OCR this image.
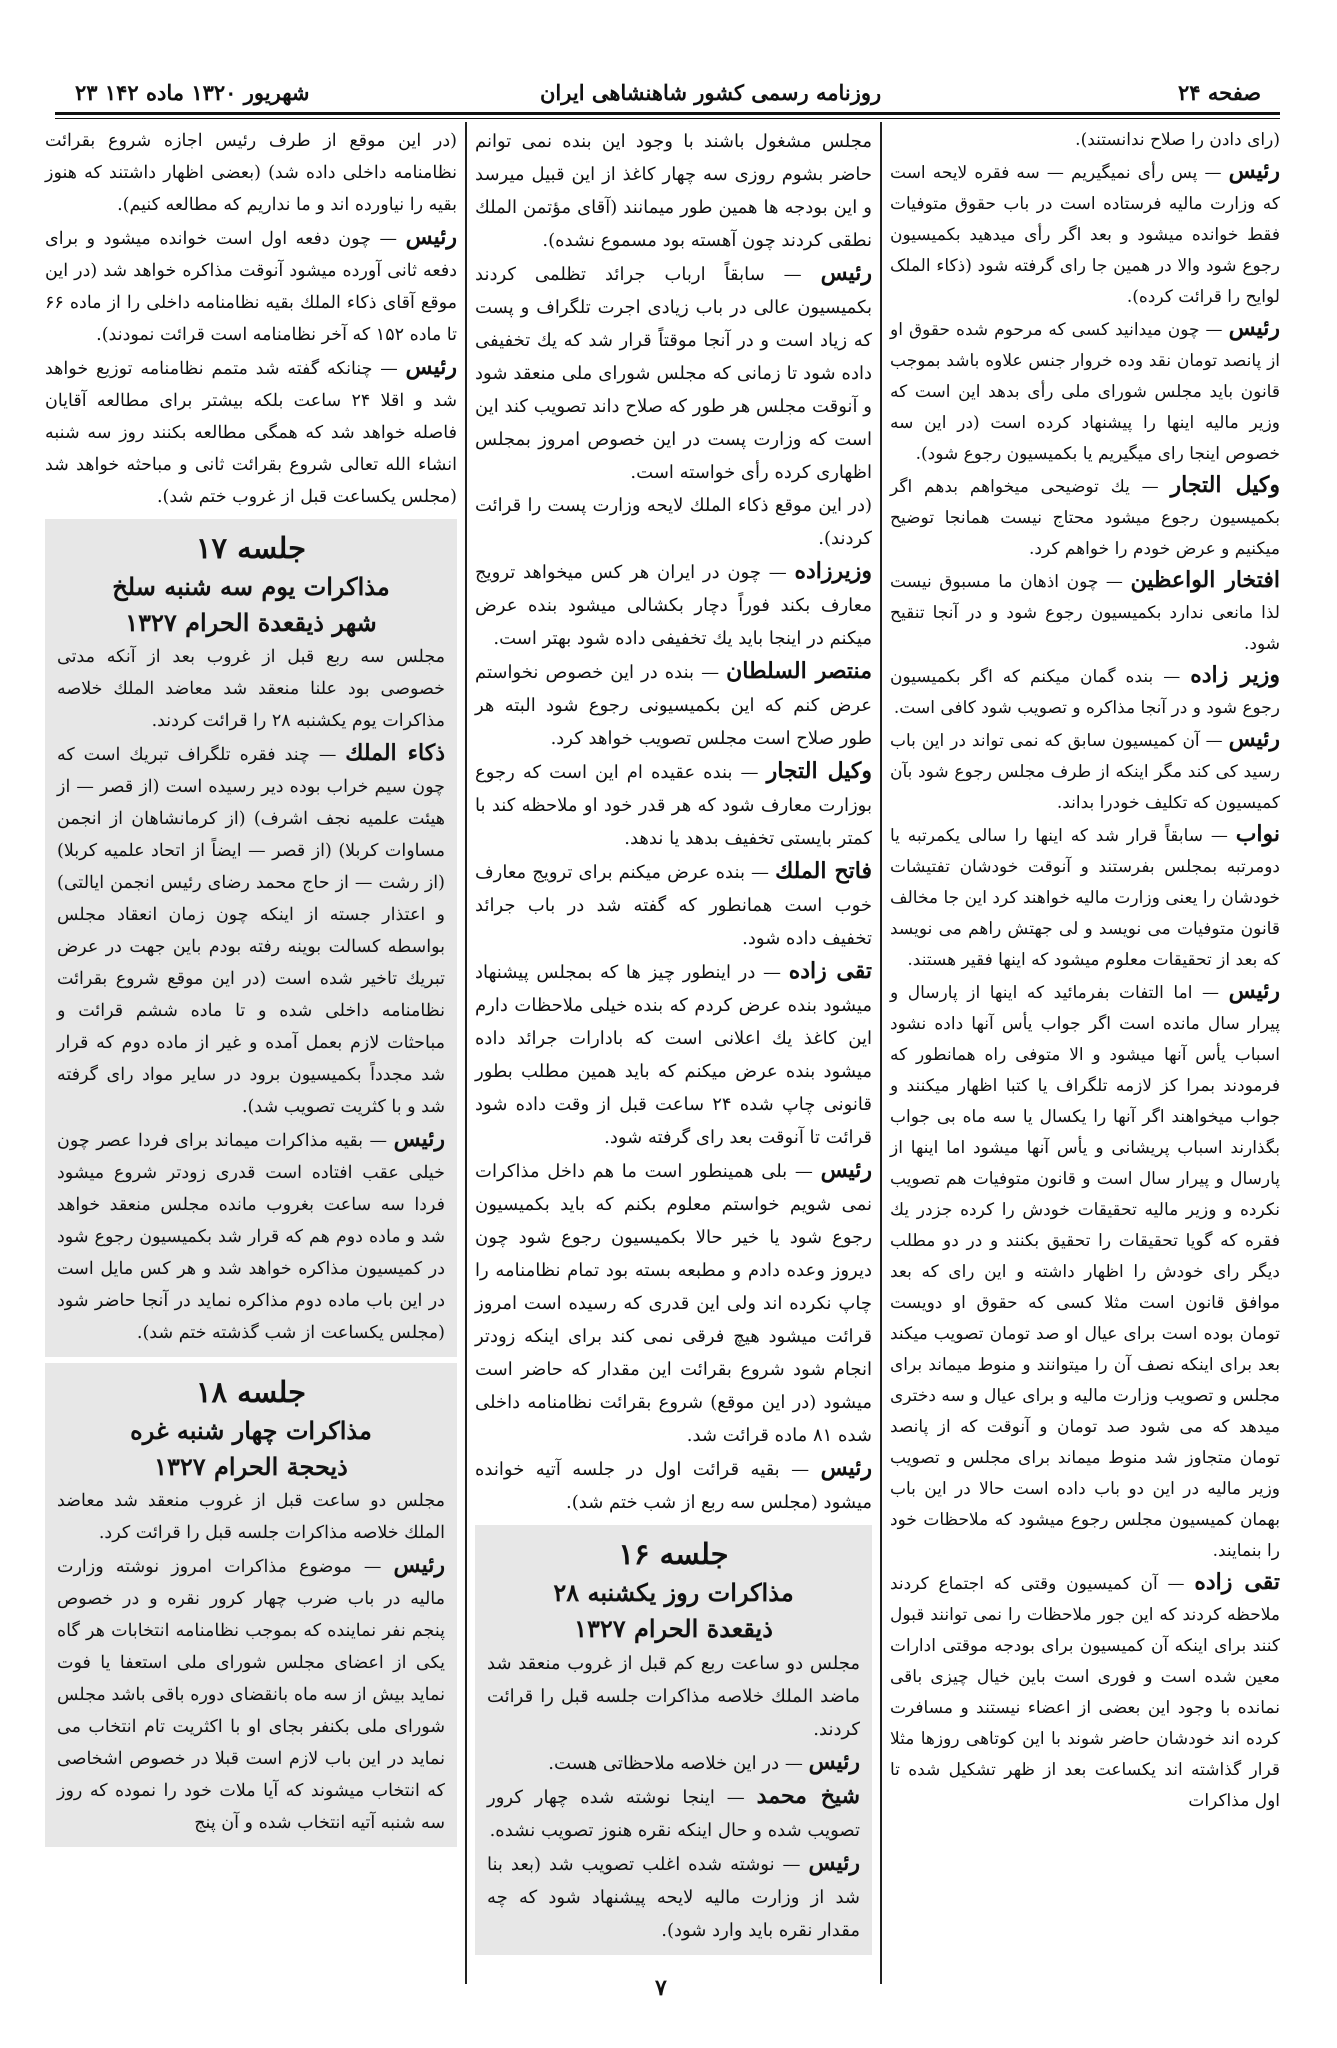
صفحه ۲۴
روزنامه رسمی کشور شاهنشاهی ایران
۲۳ شهریور ۱۳۲۰ ماده ۱۴۲

(رای دادن را صلاح ندانستند).

رئیس — پس رأی نمیگیریم — سه فقره لایحه است که وزارت مالیه فرستاده است در باب حقوق متوفیات فقط خوانده میشود و بعد اگر رأی میدهید بکمیسیون رجوع شود والا در همین جا رای گرفته شود (ذکاء الملک لوایح را قرائت کرده).

رئیس — چون میدانید کسی که مرحوم شده حقوق او از پانصد تومان نقد وده خروار جنس علاوه باشد بموجب قانون باید مجلس شورای ملی رأی بدهد این است که وزیر مالیه اینها را پیشنهاد کرده است (در این سه خصوص اینجا رای میگیریم یا بکمیسیون رجوع شود).

وکیل التجار — یك توضیحی میخواهم بدهم اگر بکمیسیون رجوع میشود محتاج نیست همانجا توضیح میکنیم و عرض خودم را خواهم کرد.

افتخار الواعظین — چون اذهان ما مسبوق نیست لذا مانعی ندارد بکمیسیون رجوع شود و در آنجا تنقیح شود.

وزیر زاده — بنده گمان میکنم که اگر بکمیسیون رجوع شود و در آنجا مذاکره و تصویب شود کافی است.

رئیس — آن کمیسیون سابق که نمی تواند در این باب رسید کی کند مگر اینکه از طرف مجلس رجوع شود بآن کمیسیون که تکلیف خودرا بداند.

نواب — سابقاً قرار شد که اینها را سالی یکمرتبه یا دومرتبه بمجلس بفرستند و آنوقت خودشان تفتیشات خودشان را یعنی وزارت مالیه خواهند کرد این جا مخالف قانون متوفیات می نویسد و لی جهتش راهم می نویسد که بعد از تحقیقات معلوم میشود که اینها فقیر هستند.

رئیس — اما التفات بفرمائید که اینها از پارسال و پیرار سال مانده است اگر جواب یأس آنها داده نشود اسباب یأس آنها میشود و الا متوفی راه همانطور که فرمودند بمرا کز لازمه تلگراف یا کتبا اظهار میکنند و جواب میخواهند اگر آنها را یکسال یا سه ماه بی جواب بگذارند اسباب پریشانی و یأس آنها میشود اما اینها از پارسال و پیرار سال است و قانون متوفیات هم تصویب نکرده و وزیر مالیه تحقیقات خودش را کرده جزدر یك فقره که گویا تحقیقات را تحقیق بکنند و در دو مطلب دیگر رای خودش را اظهار داشته و این رای که بعد موافق قانون است مثلا کسی که حقوق او دویست تومان بوده است برای عیال او صد تومان تصویب میکند بعد برای اینکه نصف آن را میتوانند و منوط میماند برای مجلس و تصویب وزارت مالیه و برای عیال و سه دختری میدهد که می شود صد تومان و آنوقت که از پانصد تومان متجاوز شد منوط میماند برای مجلس و تصویب وزیر مالیه در این دو باب داده است حالا در این باب بهمان کمیسیون مجلس رجوع میشود که ملاحظات خود را بنمایند.

تقی زاده — آن کمیسیون وقتی که اجتماع کردند ملاحظه کردند که این جور ملاحظات را نمی توانند قبول کنند برای اینکه آن کمیسیون برای بودجه موقتی ادارات معین شده است و فوری است باین خیال چیزی باقی نمانده با وجود این بعضی از اعضاء نیستند و مسافرت کرده اند خودشان حاضر شوند با این کوتاهی روزها مثلا قرار گذاشته اند یکساعت بعد از ظهر تشکیل شده تا اول مذاکرات

مجلس مشغول باشند با وجود این بنده نمی توانم حاضر بشوم روزی سه چهار کاغذ از این قبیل میرسد و این بودجه ها همین طور میمانند (آقای مؤتمن الملك نطقی کردند چون آهسته بود مسموع نشده).

رئیس — سابقاً ارباب جرائد تظلمی کردند بکمیسیون عالی در باب زیادی اجرت تلگراف و پست که زیاد است و در آنجا موقتاً قرار شد که یك تخفیفی داده شود تا زمانی که مجلس شورای ملی منعقد شود و آنوقت مجلس هر طور که صلاح داند تصویب کند این است که وزارت پست در این خصوص امروز بمجلس اظهاری کرده رأی خواسته است.

(در این موقع ذکاء الملك لایحه وزارت پست را قرائت کردند).

وزیرزاده — چون در ایران هر کس میخواهد ترویج معارف بکند فوراً دچار بکشالی میشود بنده عرض میکنم در اینجا باید یك تخفیفی داده شود بهتر است.

منتصر السلطان — بنده در این خصوص نخواستم عرض کنم که این بکمیسیونی رجوع شود البته هر طور صلاح است مجلس تصویب خواهد کرد.

وکیل التجار — بنده عقیده ام این است که رجوع بوزارت معارف شود که هر قدر خود او ملاحظه کند با کمتر بایستی تخفیف بدهد یا ندهد.

فاتح الملك — بنده عرض میکنم برای ترویج معارف خوب است همانطور که گفته شد در باب جرائد تخفیف داده شود.

تقی زاده — در اینطور چیز ها که بمجلس پیشنهاد میشود بنده عرض کردم که بنده خیلی ملاحظات دارم این کاغذ یك اعلانی است که بادارات جرائد داده میشود بنده عرض میکنم که باید همین مطلب بطور قانونی چاپ شده ۲۴ ساعت قبل از وقت داده شود قرائت تا آنوقت بعد رای گرفته شود.

رئیس — بلی همینطور است ما هم داخل مذاکرات نمی شویم خواستم معلوم بکنم که باید بکمیسیون رجوع شود یا خیر حالا بکمیسیون رجوع شود چون دیروز وعده دادم و مطبعه بسته بود تمام نظامنامه را چاپ نکرده اند ولی این قدری که رسیده است امروز قرائت میشود هیچ فرقی نمی کند برای اینکه زودتر انجام شود شروع بقرائت این مقدار که حاضر است میشود (در این موقع) شروع بقرائت نظامنامه داخلی شده ۸۱ ماده قرائت شد.

رئیس — بقیه قرائت اول در جلسه آتیه خوانده میشود (مجلس سه ربع از شب ختم شد).

جلسه ۱۶
مذاکرات روز یکشنبه ۲۸
ذیقعدة الحرام ۱۳۲۷

مجلس دو ساعت ربع کم قبل از غروب منعقد شد ماضد الملك خلاصه مذاکرات جلسه قبل را قرائت کردند.

رئیس — در این خلاصه ملاحظاتی هست.

شیخ محمد — اینجا نوشته شده چهار کرور تصویب شده و حال اینکه نقره هنوز تصویب نشده.

رئیس — نوشته شده اغلب تصویب شد (بعد بنا شد از وزارت مالیه لایحه پیشنهاد شود که چه مقدار نقره باید وارد شود).

(در این موقع از طرف رئیس اجازه شروع بقرائت نظامنامه داخلی داده شد) (بعضی اظهار داشتند که هنوز بقیه را نیاورده اند و ما نداریم که مطالعه کنیم).

رئیس — چون دفعه اول است خوانده میشود و برای دفعه ثانی آورده میشود آنوقت مذاکره خواهد شد (در این موقع آقای ذکاء الملك بقیه نظامنامه داخلی را از ماده ۶۶ تا ماده ۱۵۲ که آخر نظامنامه است قرائت نمودند).

رئیس — چنانکه گفته شد متمم نظامنامه توزیع خواهد شد و اقلا ۲۴ ساعت بلکه بیشتر برای مطالعه آقایان فاصله خواهد شد که همگی مطالعه بکنند روز سه شنبه انشاء الله تعالی شروع بقرائت ثانی و مباحثه خواهد شد (مجلس یکساعت قبل از غروب ختم شد).

جلسه ۱۷
مذاکرات یوم سه شنبه سلخ
شهر ذیقعدة الحرام ۱۳۲۷

مجلس سه ربع قبل از غروب بعد از آنکه مدتی خصوصی بود علنا منعقد شد معاضد الملك خلاصه مذاکرات یوم یکشنبه ۲۸ را قرائت کردند.

ذکاء الملك — چند فقره تلگراف تبریك است که چون سیم خراب بوده دیر رسیده است (از قصر — از هیئت علمیه نجف اشرف) (از کرمانشاهان از انجمن مساوات کربلا) (از قصر — ایضاً از اتحاد علمیه کربلا) (از رشت — از حاج محمد رضای رئیس انجمن ایالتی) و اعتذار جسته از اینکه چون زمان انعقاد مجلس بواسطه کسالت بوینه رفته بودم باین جهت در عرض تبریك تاخیر شده است (در این موقع شروع بقرائت نظامنامه داخلی شده و تا ماده ششم قرائت و مباحثات لازم بعمل آمده و غیر از ماده دوم که قرار شد مجدداً بکمیسیون برود در سایر مواد رای گرفته شد و با کثریت تصویب شد).

رئیس — بقیه مذاکرات میماند برای فردا عصر چون خیلی عقب افتاده است قدری زودتر شروع میشود فردا سه ساعت بغروب مانده مجلس منعقد خواهد شد و ماده دوم هم که قرار شد بکمیسیون رجوع شود در کمیسیون مذاکره خواهد شد و هر کس مایل است در این باب ماده دوم مذاکره نماید در آنجا حاضر شود (مجلس یکساعت از شب گذشته ختم شد).

جلسه ۱۸
مذاکرات چهار شنبه غره
ذیحجة الحرام ۱۳۲۷

مجلس دو ساعت قبل از غروب منعقد شد معاضد الملك خلاصه مذاکرات جلسه قبل را قرائت کرد.

رئیس — موضوع مذاکرات امروز نوشته وزارت مالیه در باب ضرب چهار کرور نقره و در خصوص پنجم نفر نماینده که بموجب نظامنامه انتخابات هر گاه یکی از اعضای مجلس شورای ملی استعفا یا فوت نماید بیش از سه ماه بانقضای دوره باقی باشد مجلس شورای ملی بکنفر بجای او با اکثریت تام انتخاب می نماید در این باب لازم است قبلا در خصوص اشخاصی که انتخاب میشوند که آیا ملات خود را نموده که روز سه شنبه آتیه انتخاب شده و آن پنج

۷
